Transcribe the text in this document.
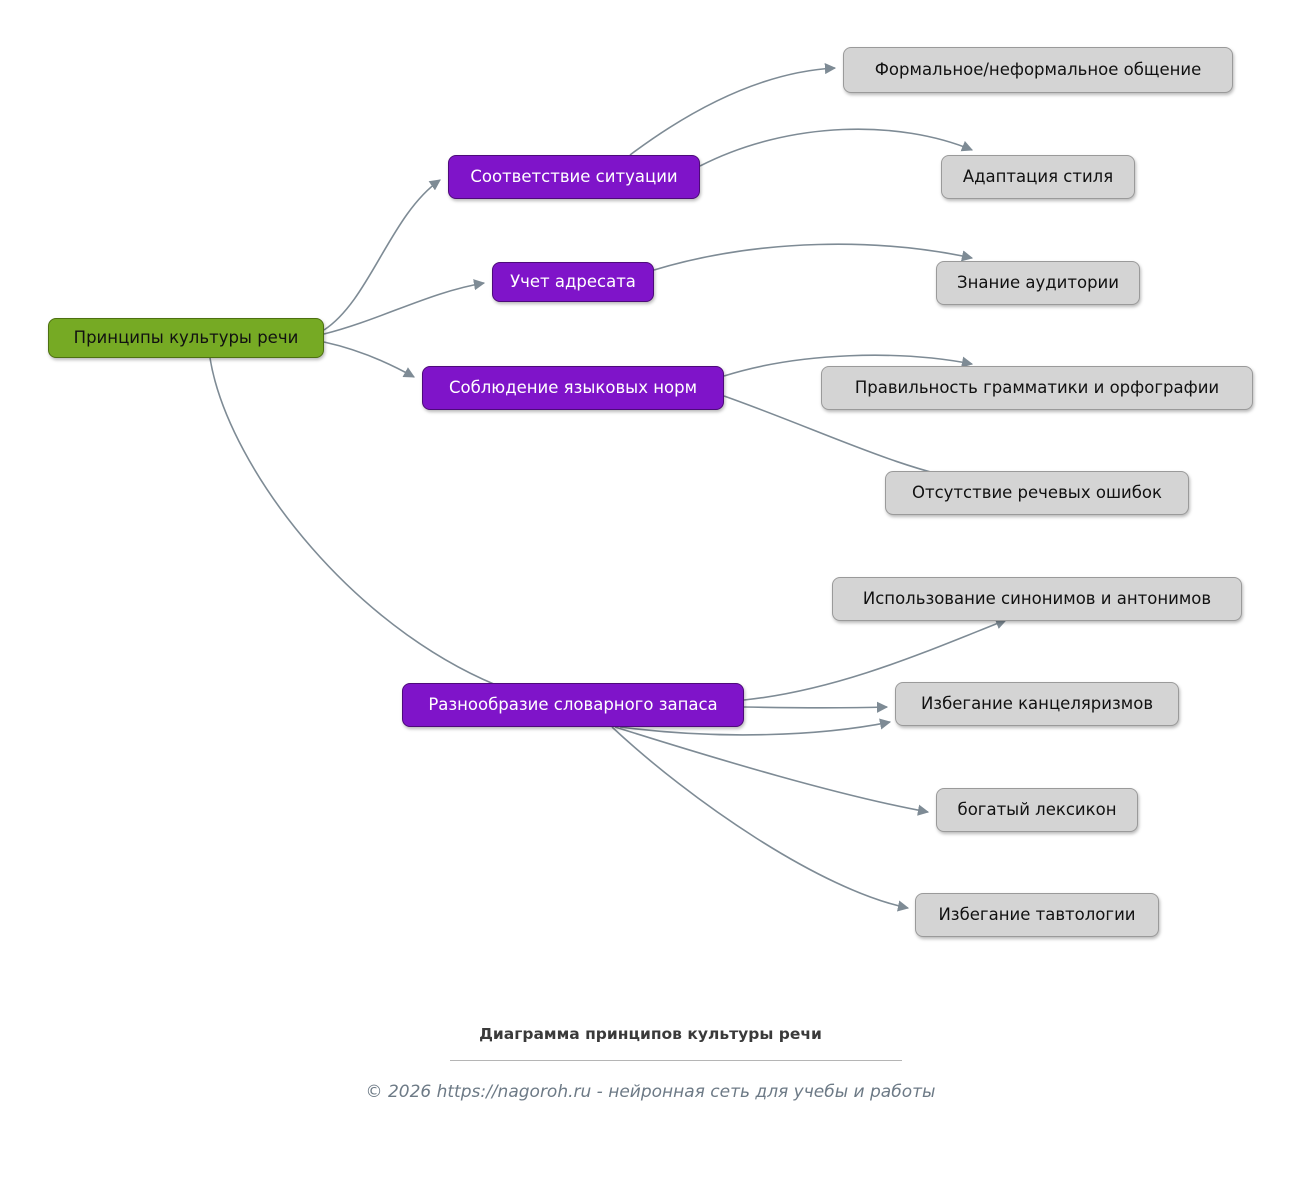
Принципы культуры речи
Соответствие ситуации
Учет адресата
Соблюдение языковых норм
Разнообразие словарного запаса
Формальное/неформальное общение
Адаптация стиля
Знание аудитории
Правильность грамматики и орфографии
Отсутствие речевых ошибок
Использование синонимов и антонимов
Избегание канцеляризмов
богатый лексикон
Избегание тавтологии
Диаграмма принципов культуры речи
© 2026 https://nagoroh.ru - нейронная сеть для учебы и работы
